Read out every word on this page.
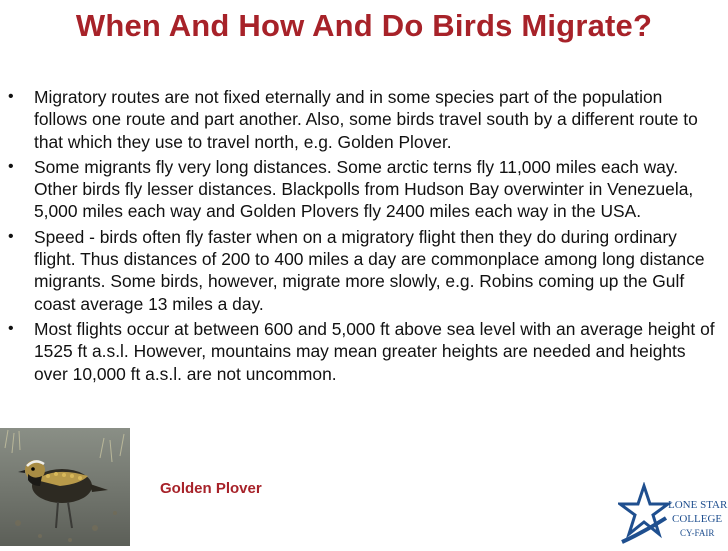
When And How And Do Birds Migrate?
• Migratory routes are not fixed eternally and in some species part of the population follows one route and part another. Also, some birds travel south by a different route to that which they use to travel north, e.g. Golden Plover.
• Some migrants fly very long distances. Some arctic terns fly 11,000 miles each way. Other birds fly lesser distances. Blackpolls from Hudson Bay overwinter in Venezuela, 5,000 miles each way and Golden Plovers fly 2400 miles each way in the USA.
• Speed - birds often fly faster when on a migratory flight then they do during ordinary flight. Thus distances of 200 to 400 miles a day are commonplace among long distance migrants. Some birds, however, migrate more slowly, e.g. Robins coming up the Gulf coast average 13 miles a day.
• Most flights occur at between 600 and 5,000 ft above sea level with an average height of 1525 ft a.s.l. However, mountains may mean greater heights are needed and heights over 10,000 ft a.s.l. are not uncommon.
Golden Plover
LONE STAR
COLLEGE
CY-FAIR
